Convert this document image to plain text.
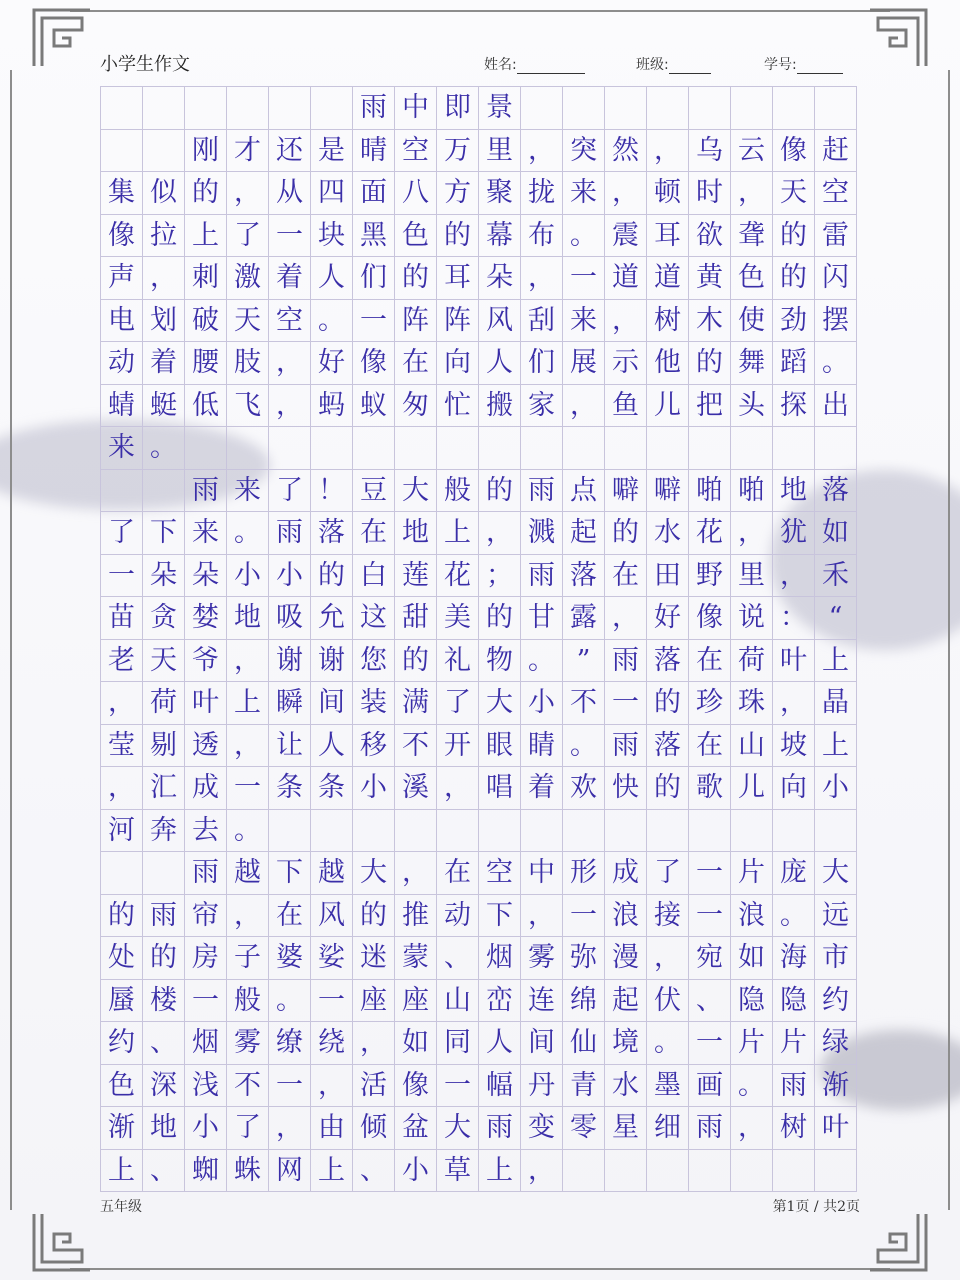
小学生作文	姓名:	班级:	学号:
雨 中 即 景
刚 才 还 是 晴 空 万 里 ， 突 然 ， 乌 云 像 赶
集 似 的 ， 从 四 面 八 方 聚 拢 来 ， 顿 时 ， 天 空
像 拉 上 了 一 块 黑 色 的 幕 布 。 震 耳 欲 聋 的 雷
声 ， 刺 激 着 人 们 的 耳 朵 ， 一 道 道 黄 色 的 闪
电 划 破 天 空 。 一 阵 阵 风 刮 来 ， 树 木 使 劲 摆
动 着 腰 肢 ， 好 像 在 向 人 们 展 示 他 的 舞 蹈 。
蜻 蜓 低 飞 ， 蚂 蚁 匆 忙 搬 家 ， 鱼 儿 把 头 探 出
来 。
雨 来 了 ！ 豆 大 般 的 雨 点 噼 噼 啪 啪 地 落
了 下 来 。 雨 落 在 地 上 ， 溅 起 的 水 花 ， 犹 如
一 朵 朵 小 小 的 白 莲 花 ； 雨 落 在 田 野 里 ， 禾
苗 贪 婪 地 吸 允 这 甜 美 的 甘 露 ， 好 像 说 ： “
老 天 爷 ， 谢 谢 您 的 礼 物 。 ” 雨 落 在 荷 叶 上
， 荷 叶 上 瞬 间 装 满 了 大 小 不 一 的 珍 珠 ， 晶
莹 剔 透 ， 让 人 移 不 开 眼 睛 。 雨 落 在 山 坡 上
， 汇 成 一 条 条 小 溪 ， 唱 着 欢 快 的 歌 儿 向 小
河 奔 去 。
雨 越 下 越 大 ， 在 空 中 形 成 了 一 片 庞 大
的 雨 帘 ， 在 风 的 推 动 下 ， 一 浪 接 一 浪 。 远
处 的 房 子 婆 娑 迷 蒙 、 烟 雾 弥 漫 ， 宛 如 海 市
蜃 楼 一 般 。 一 座 座 山 峦 连 绵 起 伏 、 隐 隐 约
约 、 烟 雾 缭 绕 ， 如 同 人 间 仙 境 。 一 片 片 绿
色 深 浅 不 一 ， 活 像 一 幅 丹 青 水 墨 画 。 雨 渐
渐 地 小 了 ， 由 倾 盆 大 雨 变 零 星 细 雨 ， 树 叶
上 、 蜘 蛛 网 上 、 小 草 上 ，
五年级	第1页 / 共2页
